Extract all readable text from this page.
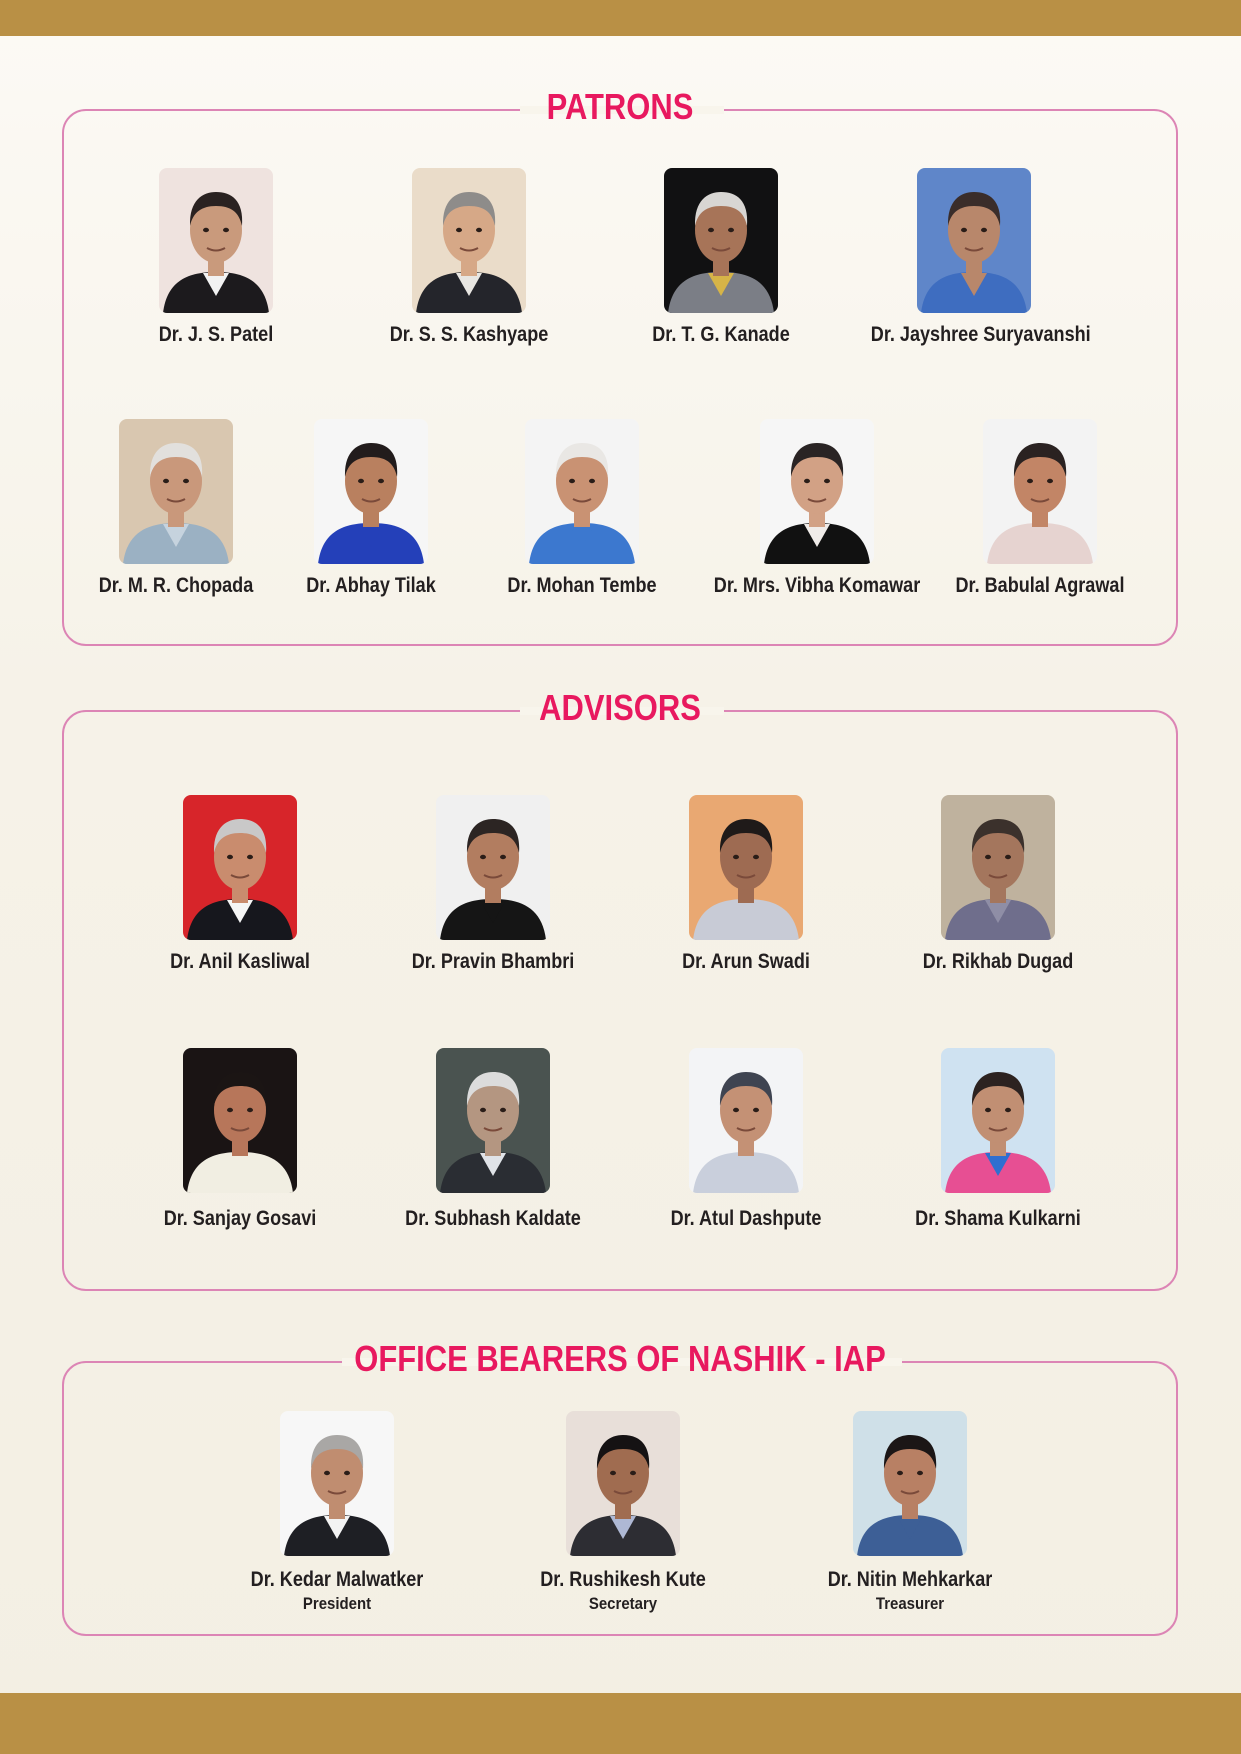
PATRONS
Dr. J. S. Patel	Dr. S. S. Kashyape	Dr. T. G. Kanade	Dr. Jayshree Suryavanshi
Dr. M. R. Chopada	Dr. Abhay Tilak	Dr. Mohan Tembe	Dr. Mrs. Vibha Komawar	Dr. Babulal Agrawal
ADVISORS
Dr. Anil Kasliwal	Dr. Pravin Bhambri	Dr. Arun Swadi	Dr. Rikhab Dugad
Dr. Sanjay Gosavi	Dr. Subhash Kaldate	Dr. Atul Dashpute	Dr. Shama Kulkarni
OFFICE BEARERS OF NASHIK - IAP
Dr. Kedar Malwatker
President
Dr. Rushikesh Kute
Secretary
Dr. Nitin Mehkarkar
Treasurer
